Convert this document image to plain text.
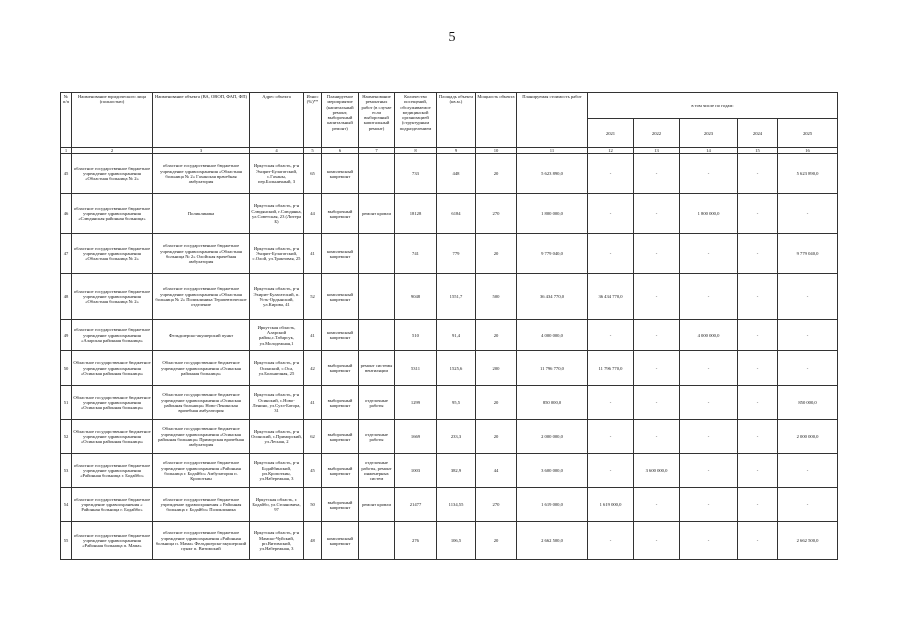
5
№ п/п	Наименование юридического лица (полностью)	Наименование объекта (ВА, ОВОП, ФАП, ФП)	Адрес объекта	Износ (%)**	Планируемое мероприятие (капитальный ремонт, выборочный капитальный ремонт)	Наименование ремонтных работ (в случае если выборочный капитальный ремонт)	Количество посещений, обслуживаемое медицинской организацией (структурным подразделением	Площадь объекта (кв.м.)	Мощность объекта	Планируемая стоимость работ	в том числе по годам:				
											2021	2022	2023	2024	2025
1	2	3	4	5	6	7	8	9	10	11	12	13	14	15	16
45	областное государственное бюджетное учреждение здравоохранения «Областная больница № 2»	областное государственное бюджетное учреждение здравоохранения «Областная больница № 2» Гаханская врачебная амбулатория	Иркутская область, р-н Эхирит-Булагатский, с.Гаханы, пер.Больничный, 3	65	комплексный капремонт		733	448	20	5 623 890,0	-	-	-	-	5 623 890,0
46	областное государственное бюджетное учреждение здравоохранения «Слюдянская районная больница»	Поликлиника	Иркутская область, р-н Слюдянский, г.Слюдянка, ул.Советская, 23 (Литера Б)	44	выборочный капремонт	ремонт кровли	18128	6184	270	1 800 000,0	-	-	1 800 000,0	-	-
47	областное государственное бюджетное учреждение здравоохранения «Областная больница № 2»	областное государственное бюджетное учреждение здравоохранения «Областная больница № 2» Олойская врачебная амбулатория	Иркутская область, р-н Эхирит-Булагатский, с.Олой, ул.Трактовая, 25	41	комплексный капремонт		741	779	20	9 779 040,0	-	-	-	-	9 779 040,0
48	областное государственное бюджетное учреждение здравоохранения «Областная больница № 2»	областное государственное бюджетное учреждение здравоохранения «Областная больница № 2» Поликлиника Терапевтическое отделение	Иркутская область, р-н Эхирит-Булагатский, п. Усть-Ордынский, ул.Кирова, 41	52	комплексный капремонт		9048	1551,7	500	36 434 770,0	36 434 770,0	-	-	-	-
49	областное государственное бюджетное учреждение здравоохранения «Аларская районная больница»	Фельдшерско-акушерский пункт	Иркутская область, Аларский район,с.Табарсук, ул.Молодежная,1	41	комплексный капремонт		510	91,4	20	4 000 000,0	-	-	4 000 000,0	-	-
50	Областное государственное бюджетное учреждение здравоохранения «Осинская районная больница»	Областное государственное бюджетное учреждение здравоохранения «Осинская районная больница»	Иркутская область, р-н Осинский, с.Оса, ул.Больничная, 25	42	выборочный капремонт	ремонт системы вентиляции	5311	1525,6	200	11 796 770,0	11 796 770,0	-	-	-	-
51	Областное государственное бюджетное учреждение здравоохранения «Осинская районная больница»	Областное государственное бюджетное учреждение здравоохранения «Осинская районная больница» Ново-Ленинская врачебная амбулатория	Иркутская область, р-н Осинский, с.Ново-Ленино, ул.Сухэ-Батора, 31	41	выборочный капремонт	отделочные работы	1299	95,5	20	850 000,0	-	-	-	-	850 000,0
52	Областное государственное бюджетное учреждение здравоохранения «Осинская районная больница»	Областное государственное бюджетное учреждение здравоохранения «Осинская районная больница» Приморская врачебная амбулатория	Иркутская область, р-н Осинский, с.Приморский, ул.Лесная, 2	62	выборочный капремонт	отделочные работы	1669	233,3	20	2 000 000,0	-	-	-	-	2 000 000,0
53	областное государственное бюджетное учреждение здравоохранения «Районная больница г. Бодайбо»	областное государственное бюджетное учреждение здравоохранения «Районная больница г. Бодайбо» Амбулатория п. Кропоткин	Иркутская область, р-н Бодайбинский, рп.Кропоткин, ул.Набережная, 3	45	выборочный капремонт	отделочные работы, ремонт инженерных систем	1003	382,9	44	3 600 000,0	-	3 600 000,0	-	-	-
54	областное государственное бюджетное учреждение здравоохранения « Районная больница г. Бодайбо»	областное государственное бюджетное учреждение здравоохранения « Районная больница г. Бодайбо» Поликлиника	Иркутская область, г. Бодайбо, ул.Стояновича, 97	50	выборочный капремонт	ремонт кровли	21477	1134,55	270	1 619 000,0	1 619 000,0	-	-	-	-
55	областное государственное бюджетное учреждение здравоохранения «Районная больница п. Мама»	областное государственное бюджетное учреждение здравоохранения «Районная больница п. Мама» Фельдшерско-акушерский пункт п. Витимский	Иркутская область, р-н Мамско-Чуйский, рп.Витимский, ул.Набережная, 3	48	комплексный капремонт		276	106,5	20	2 662 500,0	-	-	-	-	2 662 500,0
